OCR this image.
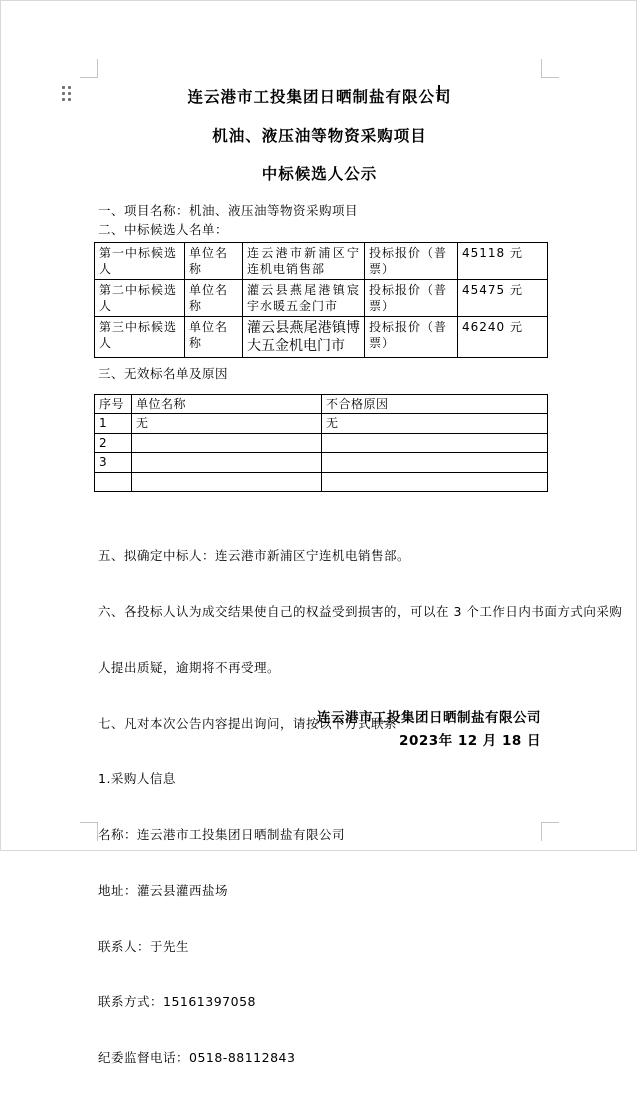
连云港市工投集团日晒制盐有限公司
机油、液压油等物资采购项目
中标候选人公示
一、项目名称：机油、液压油等物资采购项目
二、中标候选人名单：
第一中标候选人	单位名称	连云港市新浦区宁连机电销售部	投标报价（普票）	45118 元
第二中标候选人	单位名称	灌云县燕尾港镇宸宇水暖五金门市	投标报价（普票）	45475 元
第三中标候选人	单位名称	灌云县燕尾港镇博大五金机电门市	投标报价（普票）	46240 元
三、无效标名单及原因
序号	单位名称	不合格原因
1	无	无
2		
3		

五、拟确定中标人：连云港市新浦区宁连机电销售部。

六、各投标人认为成交结果使自己的权益受到损害的，可以在 3 个工作日内书面方式向采购

人提出质疑，逾期将不再受理。

七、凡对本次公告内容提出询问，请按以下方式联系

1.采购人信息

名称：连云港市工投集团日晒制盐有限公司

地址：灌云县灌西盐场

联系人：于先生

联系方式：15161397058

纪委监督电话：0518-88112843

连云港市工投集团日晒制盐有限公司
2023年 12 月 18 日
